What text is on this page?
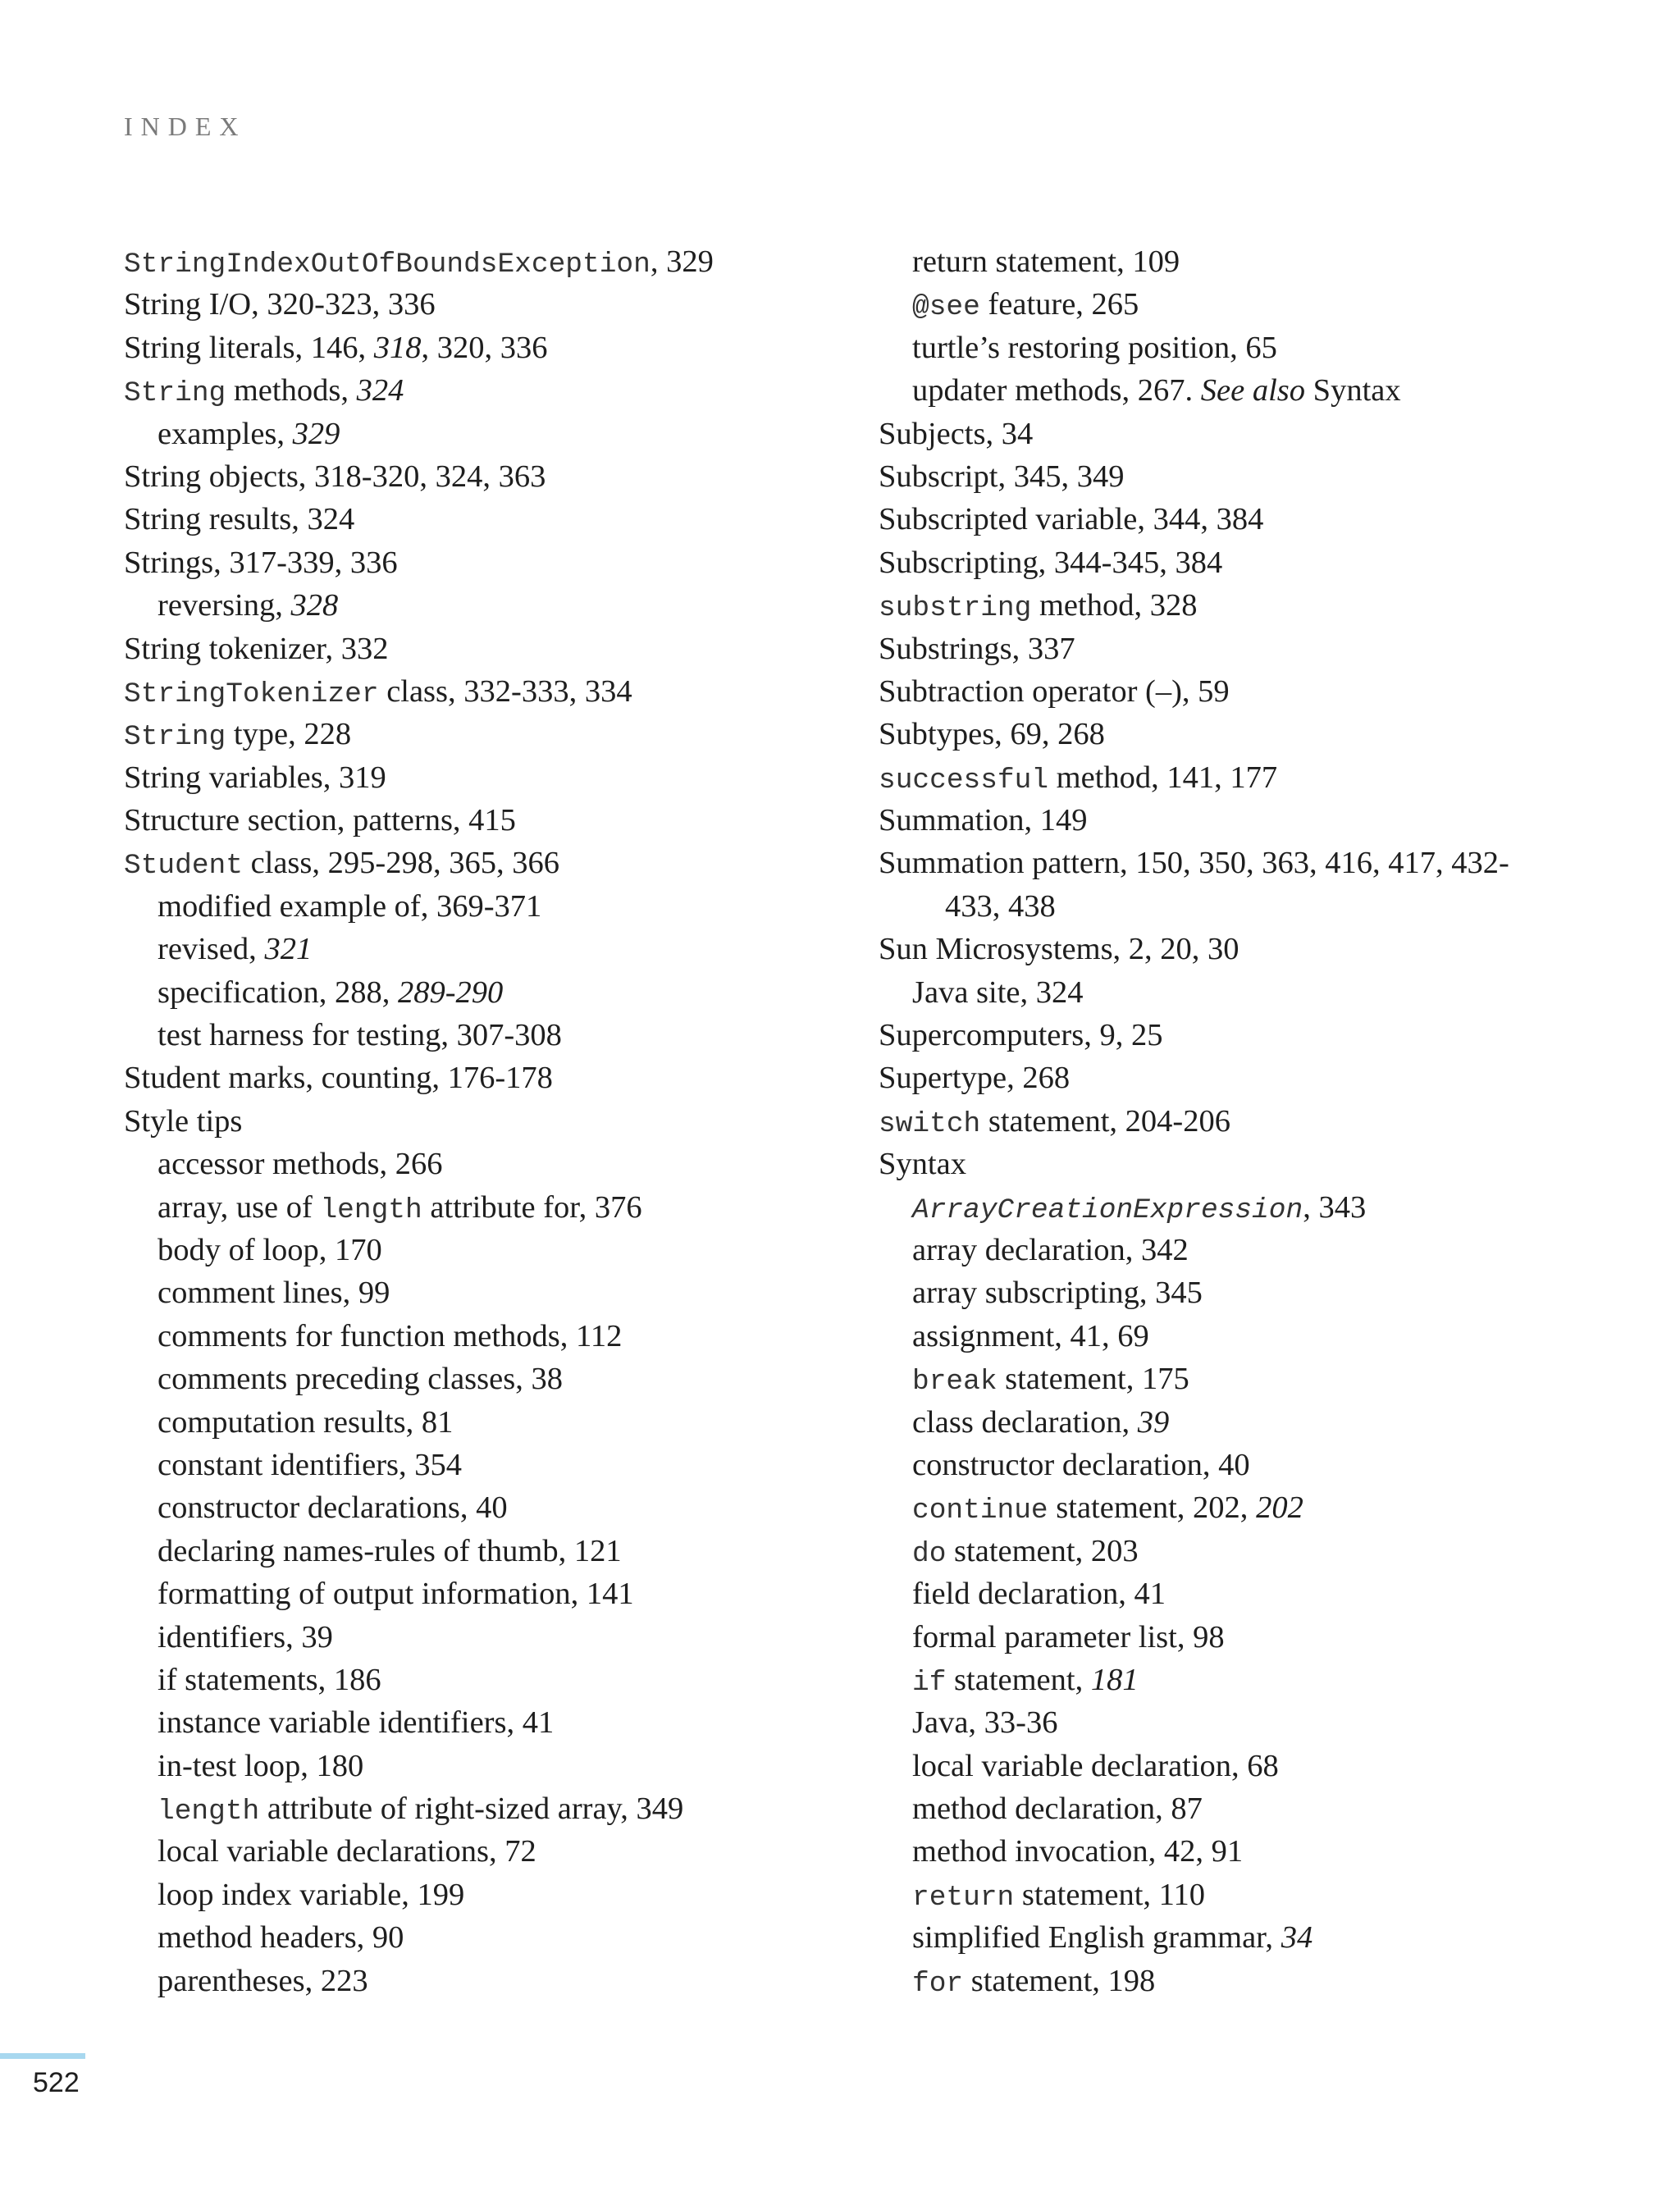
INDEX
StringIndexOutOfBoundsException, 329
String I/O, 320-323, 336
String literals, 146, 318, 320, 336
String methods, 324
examples, 329
String objects, 318-320, 324, 363
String results, 324
Strings, 317-339, 336
reversing, 328
String tokenizer, 332
StringTokenizer class, 332-333, 334
String type, 228
String variables, 319
Structure section, patterns, 415
Student class, 295-298, 365, 366
modified example of, 369-371
revised, 321
specification, 288, 289-290
test harness for testing, 307-308
Student marks, counting, 176-178
Style tips
accessor methods, 266
array, use of length attribute for, 376
body of loop, 170
comment lines, 99
comments for function methods, 112
comments preceding classes, 38
computation results, 81
constant identifiers, 354
constructor declarations, 40
declaring names-rules of thumb, 121
formatting of output information, 141
identifiers, 39
if statements, 186
instance variable identifiers, 41
in-test loop, 180
length attribute of right-sized array, 349
local variable declarations, 72
loop index variable, 199
method headers, 90
parentheses, 223
return statement, 109
@see feature, 265
turtle’s restoring position, 65
updater methods, 267. See also Syntax
Subjects, 34
Subscript, 345, 349
Subscripted variable, 344, 384
Subscripting, 344-345, 384
substring method, 328
Substrings, 337
Subtraction operator (–), 59
Subtypes, 69, 268
successful method, 141, 177
Summation, 149
Summation pattern, 150, 350, 363, 416, 417, 432-
433, 438
Sun Microsystems, 2, 20, 30
Java site, 324
Supercomputers, 9, 25
Supertype, 268
switch statement, 204-206
Syntax
ArrayCreationExpression, 343
array declaration, 342
array subscripting, 345
assignment, 41, 69
break statement, 175
class declaration, 39
constructor declaration, 40
continue statement, 202, 202
do statement, 203
field declaration, 41
formal parameter list, 98
if statement, 181
Java, 33-36
local variable declaration, 68
method declaration, 87
method invocation, 42, 91
return statement, 110
simplified English grammar, 34
for statement, 198
522
